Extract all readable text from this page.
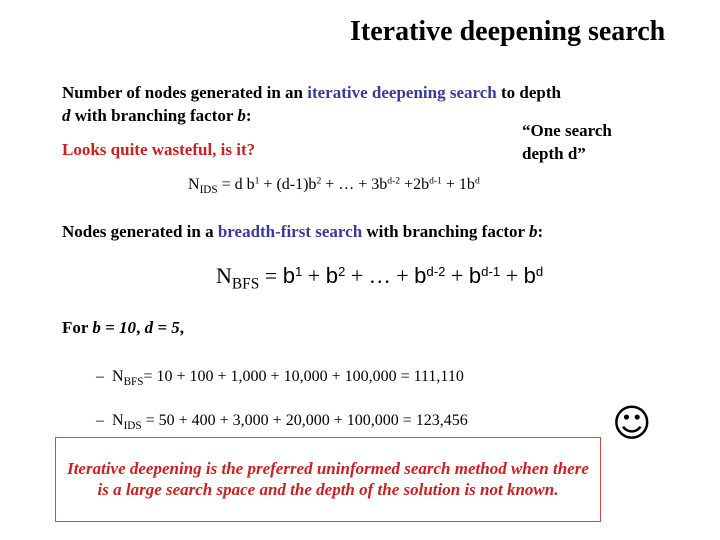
Iterative deepening search
Number of nodes generated in an iterative deepening search to depth
d with branching factor b:
“One search
depth d”
Looks quite wasteful, is it?
$N_{IDS} = d$ $b^1 + (d-1)b^2$ + … + $3b^{d-2} +2b^{d-1} + 1b^d$
Nodes generated in a breadth-first search with branching factor b:
$N_{BFS} = b^1 + b^2$ + … + $b^{d-2} + b^{d-1} + b^d$
For b = 10, d = 5,
– $N_{BFS}= 10 + 100 + 1,000 + 10,000 + 100,000 = 111,110$
– $N_{IDS} = 50 + 400 + 3,000 + 20,000 + 100,000 = 123,456$	☺
Iterative deepening is the preferred uninformed search method when there is a large search space and the depth of the solution is not known.
